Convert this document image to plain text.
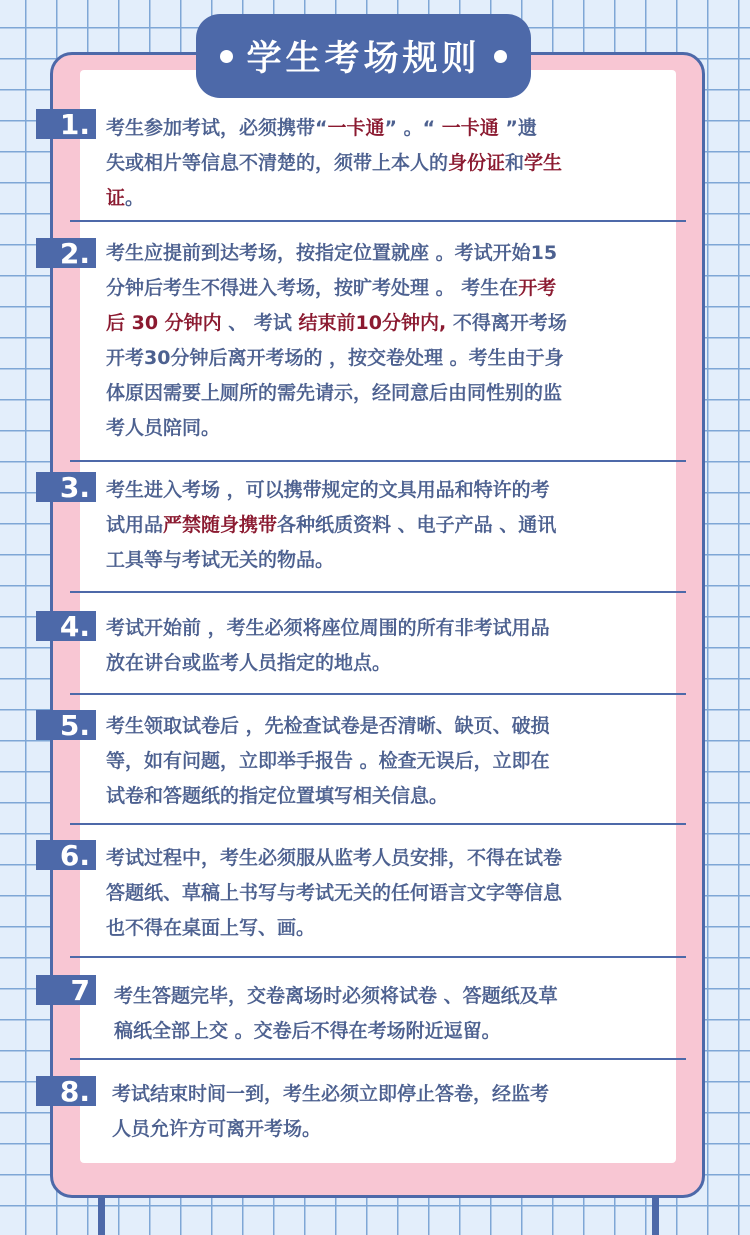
学生考场规则
1. 考生参加考试，必须携带“一卡通” 。“ 一卡通 ”遗
失或相片等信息不清楚的，须带上本人的身份证和学生
证。
2. 考生应提前到达考场，按指定位置就座 。考试开始15
分钟后考生不得进入考场，按旷考处理 。 考生在开考
后 30 分钟内 、 考试 结束前10分钟内, 不得离开考场
开考30分钟后离开考场的 ，按交卷处理 。考生由于身
体原因需要上厕所的需先请示，经同意后由同性别的监
考人员陪同。
3. 考生进入考场 ，可以携带规定的文具用品和特许的考
试用品严禁随身携带各种纸质资料 、电子产品 、通讯
工具等与考试无关的物品。
4. 考试开始前 ，考生必须将座位周围的所有非考试用品
放在讲台或监考人员指定的地点。
5. 考生领取试卷后 ，先检查试卷是否清晰、缺页、破损
等，如有问题，立即举手报告 。检查无误后，立即在
试卷和答题纸的指定位置填写相关信息。
6. 考试过程中，考生必须服从监考人员安排，不得在试卷
答题纸、草稿上书写与考试无关的任何语言文字等信息
也不得在桌面上写、画。
7 考生答题完毕，交卷离场时必须将试卷 、答题纸及草
稿纸全部上交 。交卷后不得在考场附近逗留。
8. 考试结束时间一到，考生必须立即停止答卷，经监考
人员允许方可离开考场。
